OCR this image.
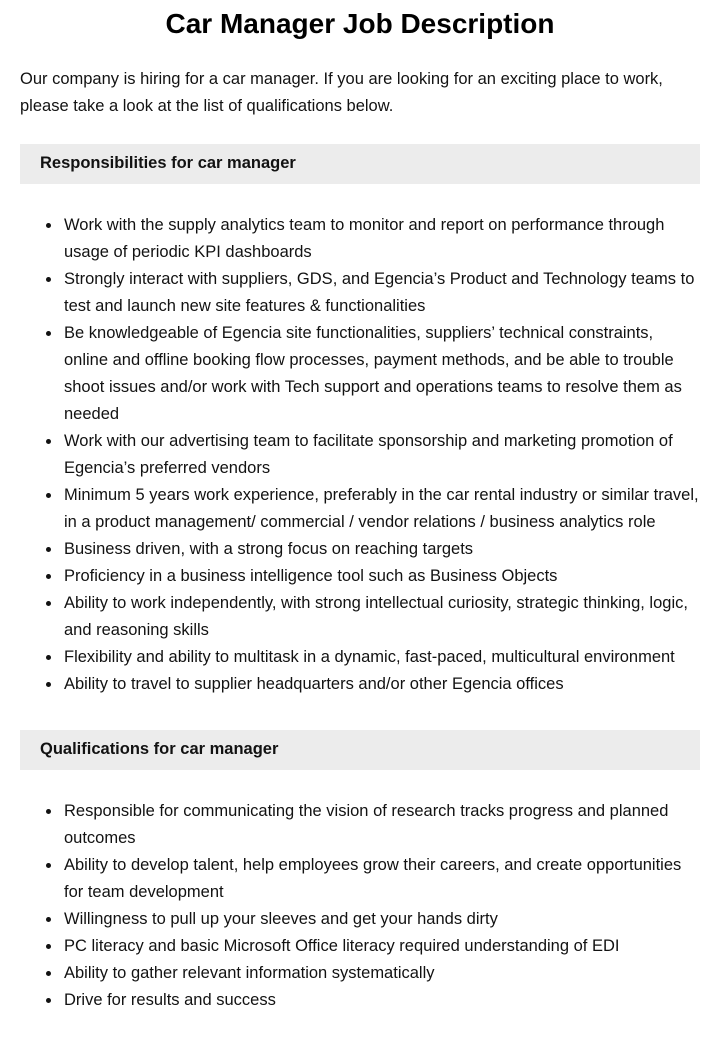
Car Manager Job Description

Our company is hiring for a car manager. If you are looking for an exciting place to work, please take a look at the list of qualifications below.

Responsibilities for car manager
• Work with the supply analytics team to monitor and report on performance through usage of periodic KPI dashboards
• Strongly interact with suppliers, GDS, and Egencia’s Product and Technology teams to test and launch new site features & functionalities
• Be knowledgeable of Egencia site functionalities, suppliers’ technical constraints, online and offline booking flow processes, payment methods, and be able to trouble shoot issues and/or work with Tech support and operations teams to resolve them as needed
• Work with our advertising team to facilitate sponsorship and marketing promotion of Egencia’s preferred vendors
• Minimum 5 years work experience, preferably in the car rental industry or similar travel, in a product management/ commercial / vendor relations / business analytics role
• Business driven, with a strong focus on reaching targets
• Proficiency in a business intelligence tool such as Business Objects
• Ability to work independently, with strong intellectual curiosity, strategic thinking, logic, and reasoning skills
• Flexibility and ability to multitask in a dynamic, fast-paced, multicultural environment
• Ability to travel to supplier headquarters and/or other Egencia offices
Qualifications for car manager
• Responsible for communicating the vision of research tracks progress and planned outcomes
• Ability to develop talent, help employees grow their careers, and create opportunities for team development
• Willingness to pull up your sleeves and get your hands dirty
• PC literacy and basic Microsoft Office literacy required understanding of EDI
• Ability to gather relevant information systematically
• Drive for results and success
